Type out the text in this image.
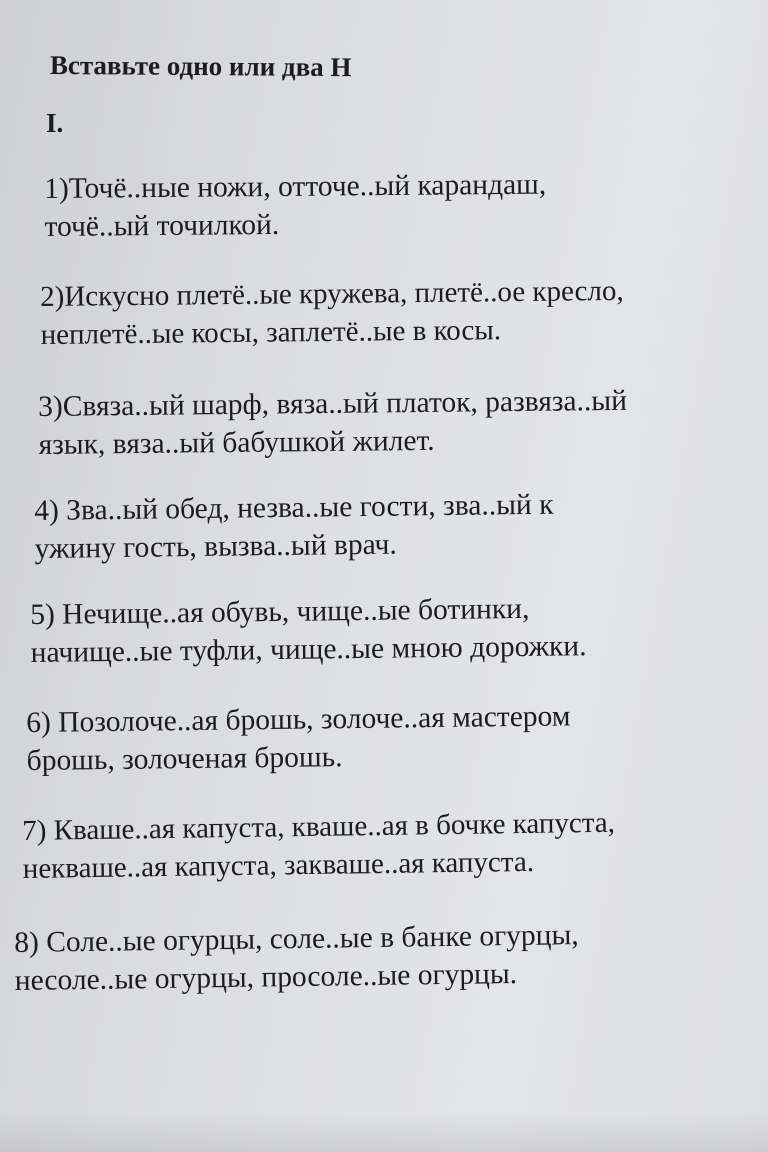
Вставьте одно или два Н
I.

1)Точё..ные ножи, отточе..ый карандаш,
точё..ый точилкой.

2)Искусно плетё..ые кружева, плетё..ое кресло,
неплетё..ые косы, заплетё..ые в косы.

3)Связа..ый шарф, вяза..ый платок, развяза..ый
язык, вяза..ый бабушкой жилет.

4) Зва..ый обед, незва..ые гости, зва..ый к
ужину гость, вызва..ый врач.

5) Нечище..ая обувь, чище..ые ботинки,
начище..ые туфли, чище..ые мною дорожки.

6) Позолоче..ая брошь, золоче..ая мастером
брошь, золоченая брошь.

7) Кваше..ая капуста, кваше..ая в бочке капуста,
некваше..ая капуста, закваше..ая капуста.

8) Соле..ые огурцы, соле..ые в банке огурцы,
несоле..ые огурцы, просоле..ые огурцы.
